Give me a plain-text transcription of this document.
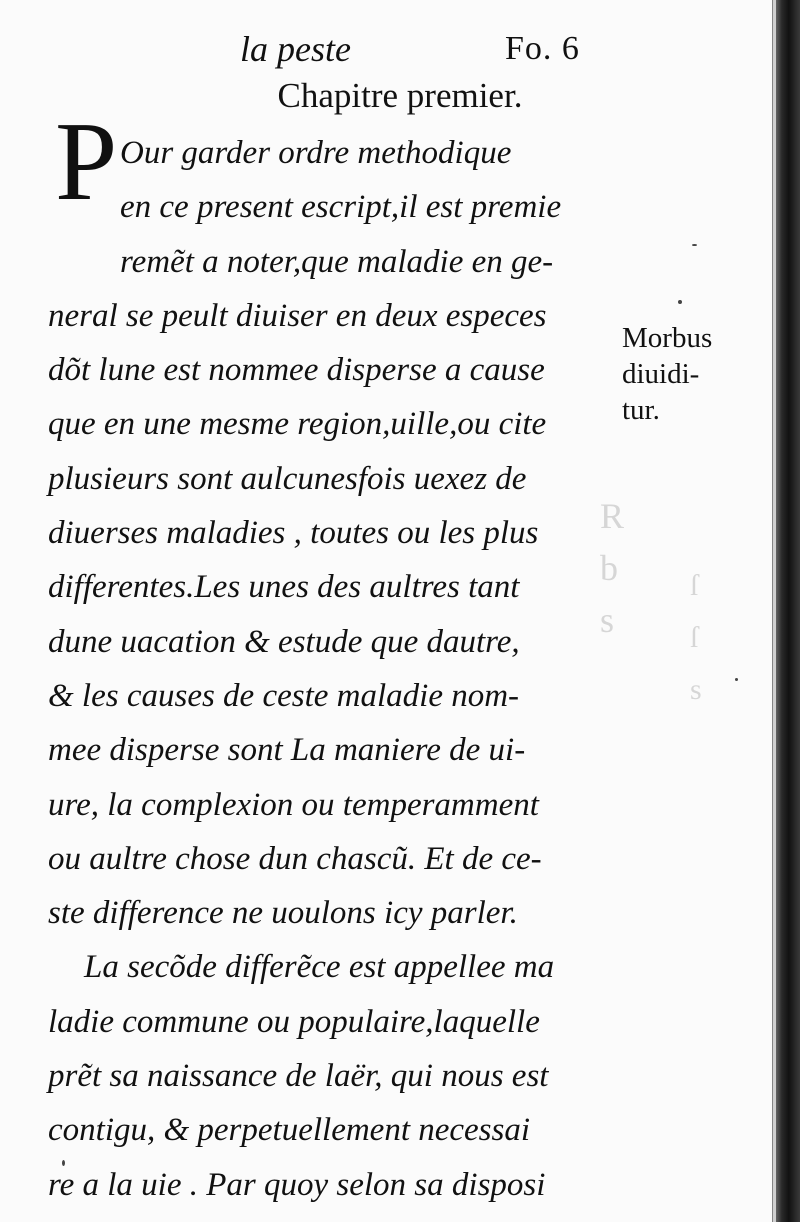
R
b
s
ſ
ſ
s
la peste	Fo. 6
Chapitre premier.
P Our garder ordre methodique
en ce present escript,il est premie
remẽt a noter,que maladie en ge-
neral se peult diuiser en deux especes
dõt lune est nommee disperse a cause
que en une mesme region,uille,ou cite
plusieurs sont aulcunesfois uexez de
diuerses maladies , toutes ou les plus
differentes.Les unes des aultres tant
dune uacation & estude que dautre,
& les causes de ceste maladie nom-
mee disperse sont La maniere de ui-
ure, la complexion ou temperamment
ou aultre chose dun chascũ. Et de ce-
ste difference ne uoulons icy parler.
La secõde differẽce est appellee ma
ladie commune ou populaire,laquelle
prẽt sa naissance de laër, qui nous est
contigu, & perpetuellement necessai
re a la uie . Par quoy selon sa disposi
Morbus
diuidi-
tur.
